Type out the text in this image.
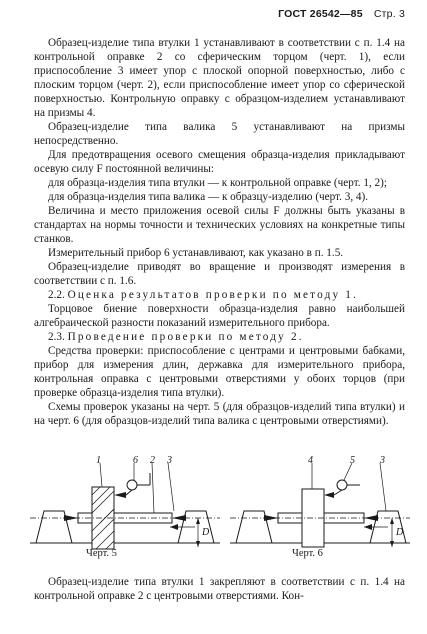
ГОСТ 26542—85 Стр. 3

Образец-изделие типа втулки 1 устанавливают в соответствии с п. 1.4 на контрольной оправке 2 со сферическим торцом (черт. 1), если приспособление 3 имеет упор с плоской опорной поверхностью, либо с плоским торцом (черт. 2), если приспособление имеет упор со сферической поверхностью. Контрольную оправку с образцом-изделием устанавливают на призмы 4.

Образец-изделие типа валика 5 устанавливают на призмы непосредственно.

Для предотвращения осевого смещения образца-изделия прикладывают осевую силу F постоянной величины:

для образца-изделия типа втулки — к контрольной оправке (черт. 1, 2);

для образца-изделия типа валика — к образцу-изделию (черт. 3, 4).

Величина и место приложения осевой силы F должны быть указаны в стандартах на нормы точности и технических условиях на конкретные типы станков.

Измерительный прибор 6 устанавливают, как указано в п. 1.5.

Образец-изделие приводят во вращение и производят измерения в соответствии с п. 1.6.

2.2. Оценка результатов проверки по методу 1.

Торцовое биение поверхности образца-изделия равно наибольшей алгебраической разности показаний измерительного прибора.

2.3. Проведение проверки по методу 2.

Средства проверки: приспособление с центрами и центровыми бабками, прибор для измерения длин, державка для измерительного прибора, контрольная оправка с центровыми отверстиями у обоих торцов (при проверке образца-изделия типа втулки).

Схемы проверок указаны на черт. 5 (для образцов-изделий типа втулки) и на черт. 6 (для образцов-изделий типа валика с центровыми отверстиями).

1	6 2 3
D
4	5	3
D
Черт. 5	Черт. 6

Образец-изделие типа втулки 1 закрепляют в соответствии с п. 1.4 на контрольной оправке 2 с центровыми отверстиями. Кон-
